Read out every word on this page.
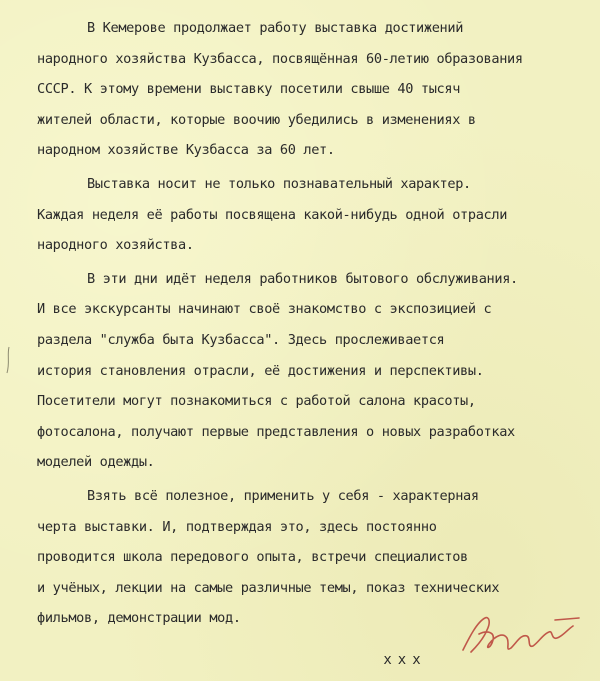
В Кемерове продолжает работу выставка достижений
народного хозяйства Кузбасса, посвящённая 60-летию образования
СССР. К этому времени выставку посетили свыше 40 тысяч
жителей области, которые воочию убедились в изменениях в
народном хозяйстве Кузбасса за 60 лет.
Выставка носит не только познавательный характер.
Каждая неделя её работы посвящена какой-нибудь одной отрасли
народного хозяйства.
В эти дни идёт неделя работников бытового обслуживания.
И все экскурсанты начинают своё знакомство с экспозицией с
раздела "служба быта Кузбасса". Здесь прослеживается
история становления отрасли, её достижения и перспективы.
Посетители могут познакомиться с работой салона красоты,
фотосалона, получают первые представления о новых разработках
моделей одежды.
Взять всё полезное, применить у себя - характерная
черта выставки. И, подтверждая это, здесь постоянно
проводится школа передового опыта, встречи специалистов
и учёных, лекции на самые различные темы, показ технических
фильмов, демонстрации мод.
ххх
